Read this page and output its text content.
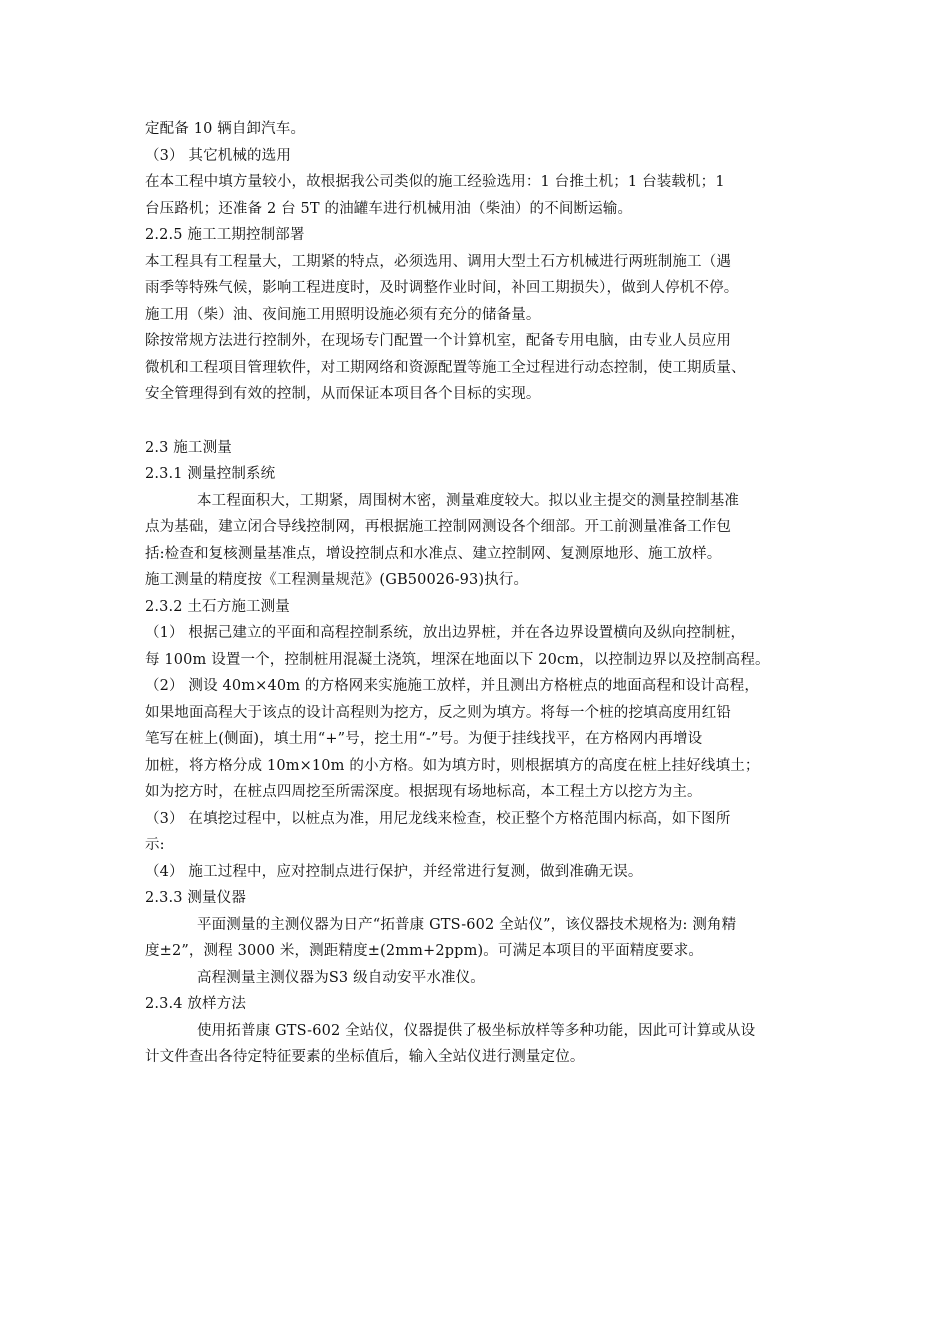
定配备 10 辆自卸汽车。
（3） 其它机械的选用
在本工程中填方量较小，故根据我公司类似的施工经验选用：1 台推土机；1 台装载机；1
台压路机；还准备 2 台 5T 的油罐车进行机械用油（柴油）的不间断运输。
2.2.5 施工工期控制部署
本工程具有工程量大，工期紧的特点，必须选用、调用大型土石方机械进行两班制施工（遇
雨季等特殊气候，影响工程进度时，及时调整作业时间，补回工期损失），做到人停机不停。
施工用（柴）油、夜间施工用照明设施必须有充分的储备量。
除按常规方法进行控制外，在现场专门配置一个计算机室，配备专用电脑，由专业人员应用
微机和工程项目管理软件，对工期网络和资源配置等施工全过程进行动态控制，使工期质量、
安全管理得到有效的控制，从而保证本项目各个目标的实现。
2.3 施工测量
2.3.1 测量控制系统
本工程面积大，工期紧，周围树木密，测量难度较大。拟以业主提交的测量控制基准
点为基础，建立闭合导线控制网，再根据施工控制网测设各个细部。开工前测量准备工作包
括:检查和复核测量基准点，增设控制点和水准点、建立控制网、复测原地形、施工放样。
施工测量的精度按《工程测量规范》(GB50026-93)执行。
2.3.2 土石方施工测量
（1） 根据己建立的平面和高程控制系统，放出边界桩，并在各边界设置横向及纵向控制桩，
每 100m 设置一个，控制桩用混凝土浇筑，埋深在地面以下 20cm，以控制边界以及控制高程。
（2） 测设 40m×40m 的方格网来实施施工放样，并且测出方格桩点的地面高程和设计高程，
如果地面高程大于该点的设计高程则为挖方，反之则为填方。将每一个桩的挖填高度用红铅
笔写在桩上(侧面)，填土用“+”号，挖土用“-”号。为便于挂线找平，在方格网内再增设
加桩，将方格分成 10m×10m 的小方格。如为填方时，则根据填方的高度在桩上挂好线填土；
如为挖方时，在桩点四周挖至所需深度。根据现有场地标高，本工程土方以挖方为主。
（3） 在填挖过程中，以桩点为准，用尼龙线来检查，校正整个方格范围内标高，如下图所
示:
（4） 施工过程中，应对控制点进行保护，并经常进行复测，做到准确无误。
2.3.3 测量仪器
平面测量的主测仪器为日产“拓普康 GTS-602 全站仪”，该仪器技术规格为: 测角精
度±2”，测程 3000 米，测距精度±(2mm+2ppm)。可满足本项目的平面精度要求。
高程测量主测仪器为S3 级自动安平水准仪。
2.3.4 放样方法
使用拓普康 GTS-602 全站仪，仪器提供了极坐标放样等多种功能，因此可计算或从设
计文件查出各待定特征要素的坐标值后，输入全站仪进行测量定位。
